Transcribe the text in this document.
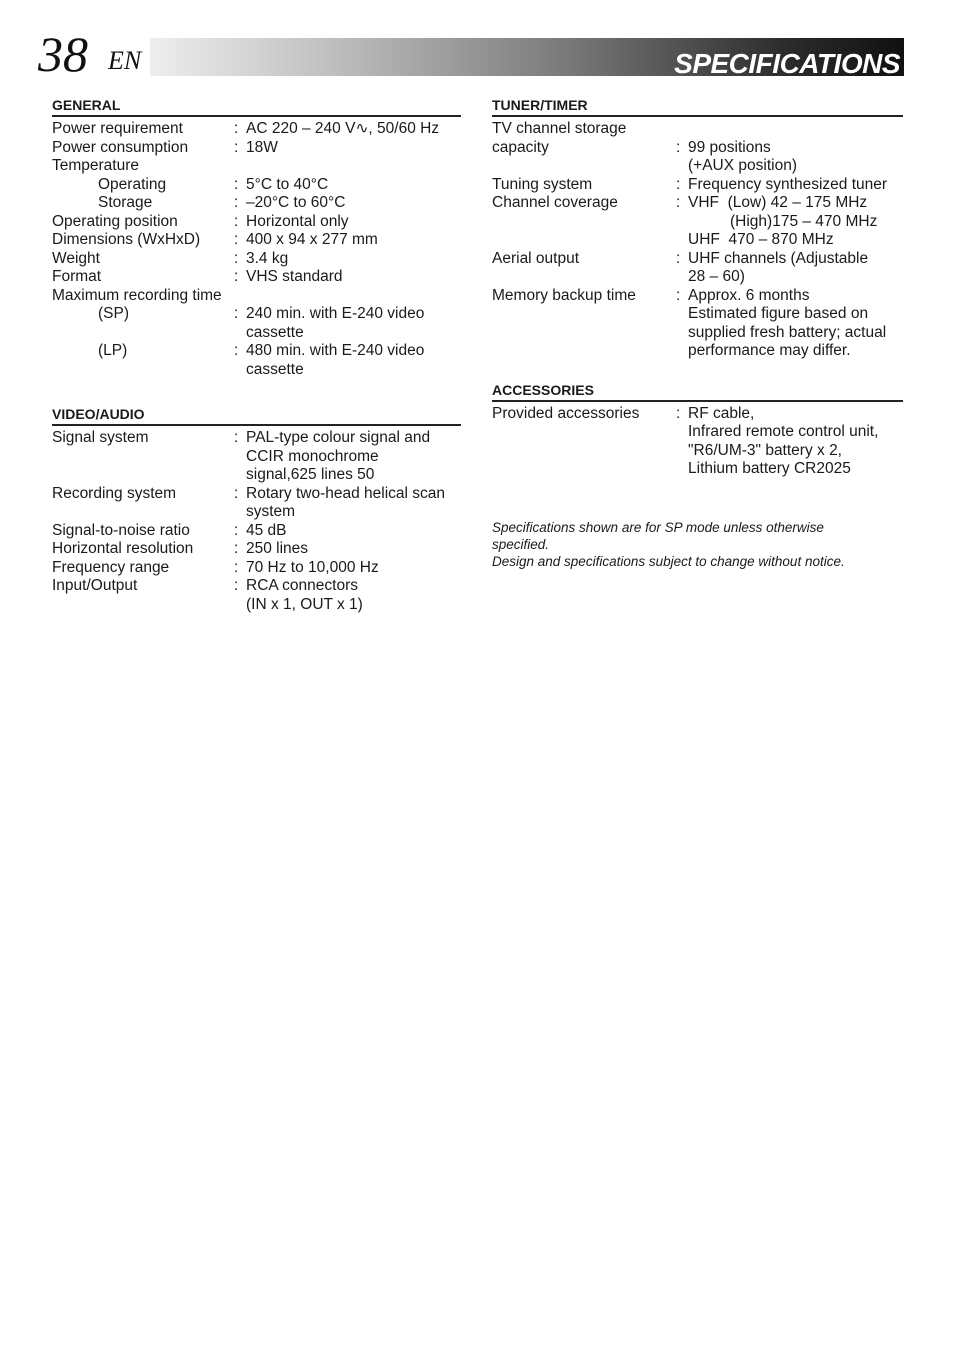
38 EN	SPECIFICATIONS
GENERAL
Power requirement	: AC 220 – 240 V∿, 50/60 Hz
Power consumption	: 18W
Temperature
Operating	: 5°C to 40°C
Storage	: –20°C to 60°C
Operating position	: Horizontal only
Dimensions (WxHxD)	: 400 x 94 x 277 mm
Weight	: 3.4 kg
Format	: VHS standard
Maximum recording time
(SP)	: 240 min. with E-240 video
cassette
(LP)	: 480 min. with E-240 video
cassette
VIDEO/AUDIO
Signal system	: PAL-type colour signal and
CCIR monochrome
signal,625 lines 50
Recording system	: Rotary two-head helical scan
system
Signal-to-noise ratio	: 45 dB
Horizontal resolution	: 250 lines
Frequency range	: 70 Hz to 10,000 Hz
Input/Output	: RCA connectors
(IN x 1, OUT x 1)
TUNER/TIMER
TV channel storage
capacity	: 99 positions
(+AUX position)
Tuning system	: Frequency synthesized tuner
Channel coverage	: VHF  (Low) 42 – 175 MHz
(High)175 – 470 MHz
UHF  470 – 870 MHz
Aerial output	: UHF channels (Adjustable
28 – 60)
Memory backup time	: Approx. 6 months
Estimated figure based on
supplied fresh battery; actual
performance may differ.
ACCESSORIES
Provided accessories	: RF cable,
Infrared remote control unit,
"R6/UM-3" battery x 2,
Lithium battery CR2025
Specifications shown are for SP mode unless otherwise
specified.
Design and specifications subject to change without notice.
